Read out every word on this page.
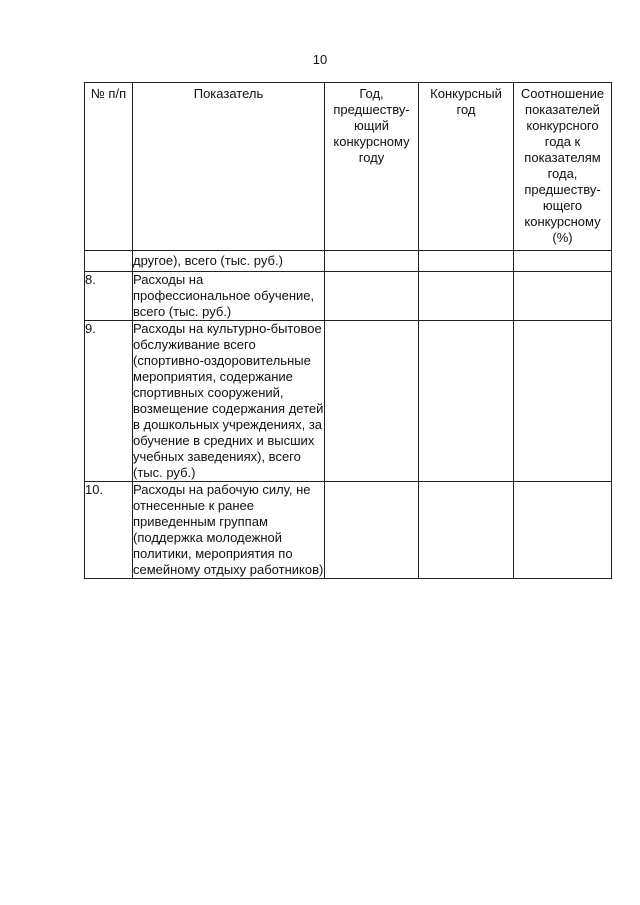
10
№ п/п	Показатель	Год, предшеству-ющий конкурсному году	Конкурсный год	Соотношение показателей конкурсного года к показателям года, предшеству-ющего конкурсному (%)
	другое), всего (тыс. руб.)			
8.	Расходы на профессиональное обучение, всего (тыс. руб.)			
9.	Расходы на культурно-бытовое обслуживание всего (спортивно-оздоровительные мероприятия, содержание спортивных сооружений, возмещение содержания детей в дошкольных учреждениях, за обучение в средних и высших учебных заведениях), всего (тыс. руб.)			
10.	Расходы на рабочую силу, не отнесенные к ранее приведенным группам (поддержка молодежной политики, мероприятия по семейному отдыху работников)			
